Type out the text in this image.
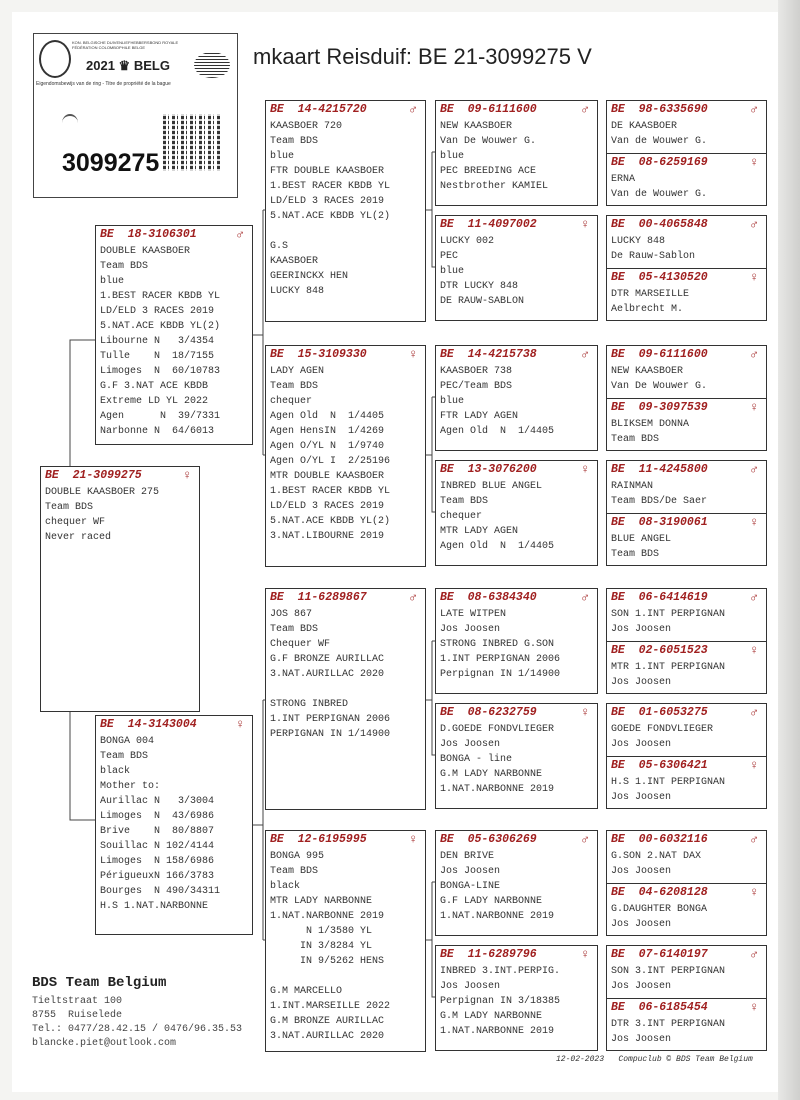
KON. BELGISCHE DUIVENLIEFHEBBERSBOND ROYALE FÉDÉRATION COLOMBOPHILE BELGE
2021 ♛ BELG
Eigendomsbewijs van de ring - Titre de propriété de la bague
3099275
mkaart Reisduif: BE 21-3099275 V
BE  21-3099275	♀
DOUBLE KAASBOER 275
Team BDS
chequer WF
Never raced
BE  18-3106301	♂
DOUBLE KAASBOER
Team BDS
blue
1.BEST RACER KBDB YL
LD/ELD 3 RACES 2019
5.NAT.ACE KBDB YL(2)
Libourne N   3/4354
Tulle    N  18/7155
Limoges  N  60/10783
G.F 3.NAT ACE KBDB
Extreme LD YL 2022
Agen      N  39/7331
Narbonne N  64/6013
BE  14-3143004	♀
BONGA 004
Team BDS
black
Mother to:
Aurillac N   3/3004
Limoges  N  43/6986
Brive    N  80/8807
Souillac N 102/4144
Limoges  N 158/6986
PérigueuxN 166/3783
Bourges  N 490/34311
H.S 1.NAT.NARBONNE
BE  14-4215720	♂
KAASBOER 720
Team BDS
blue
FTR DOUBLE KAASBOER
1.BEST RACER KBDB YL
LD/ELD 3 RACES 2019
5.NAT.ACE KBDB YL(2)
G.S
KAASBOER
GEERINCKX HEN
LUCKY 848
BE  15-3109330	♀
LADY AGEN
Team BDS
chequer
Agen Old  N  1/4405
Agen HensIN  1/4269
Agen O/YL N  1/9740
Agen O/YL I  2/25196
MTR DOUBLE KAASBOER
1.BEST RACER KBDB YL
LD/ELD 3 RACES 2019
5.NAT.ACE KBDB YL(2)
3.NAT.LIBOURNE 2019
BE  11-6289867	♂
JOS 867
Team BDS
Chequer WF
G.F BRONZE AURILLAC
3.NAT.AURILLAC 2020
STRONG INBRED
1.INT PERPIGNAN 2006
PERPIGNAN IN 1/14900
BE  12-6195995	♀
BONGA 995
Team BDS
black
MTR LADY NARBONNE
1.NAT.NARBONNE 2019
N 1/3580 YL
IN 3/8284 YL
IN 9/5262 HENS
G.M MARCELLO
1.INT.MARSEILLE 2022
G.M BRONZE AURILLAC
3.NAT.AURILLAC 2020
BE  09-6111600	♂
NEW KAASBOER
Van De Wouwer G.
blue
PEC BREEDING ACE
Nestbrother KAMIEL
BE  11-4097002	♀
LUCKY 002
PEC
blue
DTR LUCKY 848
DE RAUW-SABLON
BE  14-4215738	♂
KAASBOER 738
PEC/Team BDS
blue
FTR LADY AGEN
Agen Old  N  1/4405
BE  13-3076200	♀
INBRED BLUE ANGEL
Team BDS
chequer
MTR LADY AGEN
Agen Old  N  1/4405
BE  08-6384340	♂
LATE WITPEN
Jos Joosen
STRONG INBRED G.SON
1.INT PERPIGNAN 2006
Perpignan IN 1/14900
BE  08-6232759	♀
D.GOEDE FONDVLIEGER
Jos Joosen
BONGA - line
G.M LADY NARBONNE
1.NAT.NARBONNE 2019
BE  05-6306269	♂
DEN BRIVE
Jos Joosen
BONGA-LINE
G.F LADY NARBONNE
1.NAT.NARBONNE 2019
BE  11-6289796	♀
INBRED 3.INT.PERPIG.
Jos Joosen
Perpignan IN 3/18385
G.M LADY NARBONNE
1.NAT.NARBONNE 2019
BE  98-6335690	♂
DE KAASBOER
Van de Wouwer G.
BE  08-6259169	♀
ERNA
Van de Wouwer G.
BE  00-4065848	♂
LUCKY 848
De Rauw-Sablon
BE  05-4130520	♀
DTR MARSEILLE
Aelbrecht M.
BE  09-6111600	♂
NEW KAASBOER
Van De Wouwer G.
BE  09-3097539	♀
BLIKSEM DONNA
Team BDS
BE  11-4245800	♂
RAINMAN
Team BDS/De Saer
BE  08-3190061	♀
BLUE ANGEL
Team BDS
BE  06-6414619	♂
SON 1.INT PERPIGNAN
Jos Joosen
BE  02-6051523	♀
MTR 1.INT PERPIGNAN
Jos Joosen
BE  01-6053275	♂
GOEDE FONDVLIEGER
Jos Joosen
BE  05-6306421	♀
H.S 1.INT PERPIGNAN
Jos Joosen
BE  00-6032116	♂
G.SON 2.NAT DAX
Jos Joosen
BE  04-6208128	♀
G.DAUGHTER BONGA
Jos Joosen
BE  07-6140197	♂
SON 3.INT PERPIGNAN
Jos Joosen
BE  06-6185454	♀
DTR 3.INT PERPIGNAN
Jos Joosen
BDS Team Belgium
Tieltstraat 100
8755  Ruiselede
Tel.: 0477/28.42.15 / 0476/96.35.53
blancke.piet@outlook.com
12-02-2023   Compuclub © BDS Team Belgium
